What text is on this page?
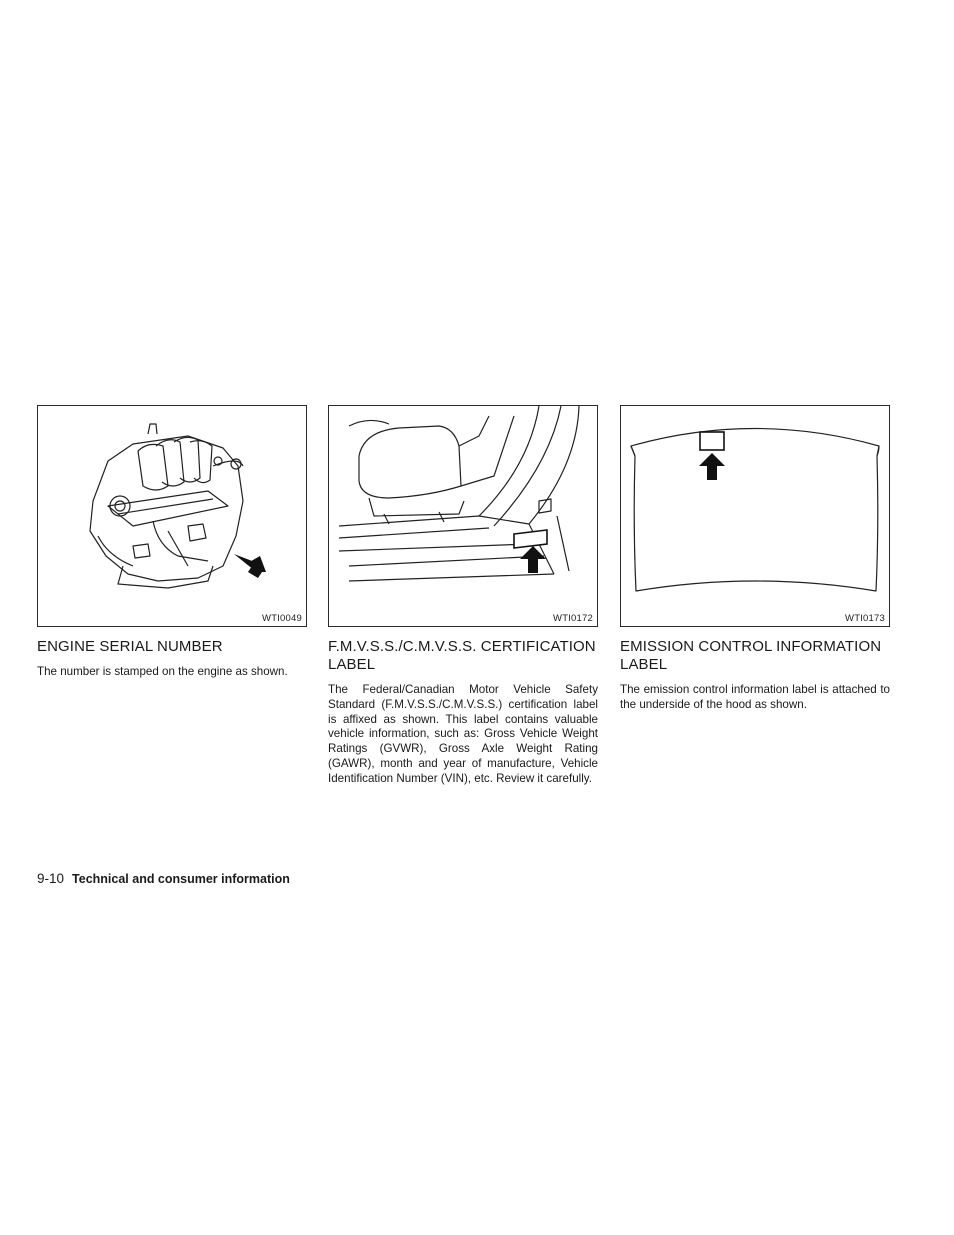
WTI0049
ENGINE SERIAL NUMBER

The number is stamped on the engine as shown.

WTI0172
F.M.V.S.S./C.M.V.S.S. CERTIFICATION LABEL

The Federal/Canadian Motor Vehicle Safety Standard (F.M.V.S.S./C.M.V.S.S.) certification label is affixed as shown. This label contains valuable vehicle information, such as: Gross Vehicle Weight Ratings (GVWR), Gross Axle Weight Rating (GAWR), month and year of manufacture, Vehicle Identification Number (VIN), etc. Review it carefully.

WTI0173
EMISSION CONTROL INFORMATION LABEL

The emission control information label is attached to the underside of the hood as shown.

9-10 Technical and consumer information
